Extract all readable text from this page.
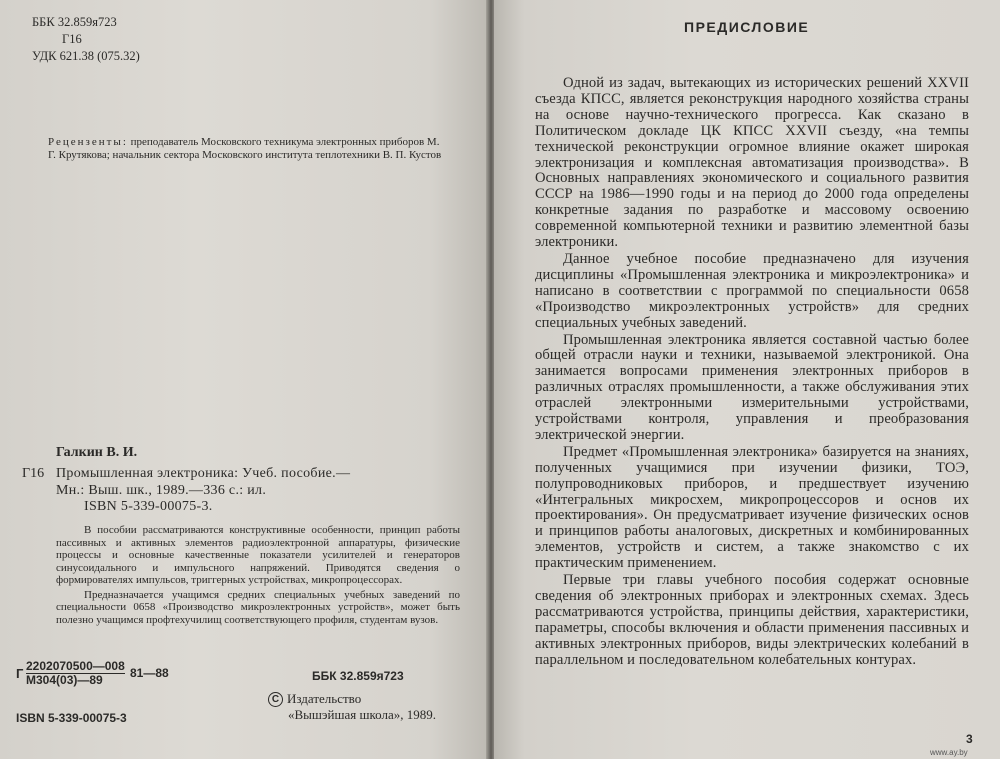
ББК 32.859я723
Г16
УДК 621.38 (075.32)
Рецензенты: преподаватель Московского техникума электронных приборов М. Г. Крутякова; начальник сектора Московского института теплотехники В. П. Кустов
Галкин В. И.
Г16 Промышленная электроника: Учеб. пособие.—
Мн.: Выш. шк., 1989.—336 с.: ил.
ISBN 5-339-00075-3.

В пособии рассматриваются конструктивные особенности, принцип работы пассивных и активных элементов радиоэлектронной аппаратуры, физические процессы и основные качественные показатели усилителей и генераторов синусоидального и импульсного напряжений. Приводятся сведения о формирователях импульсов, триггерных устройствах, микропроцессорах.

Предназначается учащимся средних специальных учебных заведений по специальности 0658 «Производство микроэлектронных устройств», может быть полезно учащимся профтехучилищ соответствующего профиля, студентам вузов.

Г 2202070500—008
М304(03)—89	81—88	ББК 32.859я723
ISBN 5-339-00075-3
C Издательство
«Вышэйшая школа», 1989.
ПРЕДИСЛОВИЕ

Одной из задач, вытекающих из исторических решений XXVII съезда КПСС, является реконструкция народного хозяйства страны на основе научно-технического прогресса. Как сказано в Политическом докладе ЦК КПСС XXVII съезду, «на темпы технической реконструкции огромное влияние окажет широкая электронизация и комплексная автоматизация производства». В Основных направлениях экономического и социального развития СССР на 1986—1990 годы и на период до 2000 года определены конкретные задания по разработке и массовому освоению современной компьютерной техники и развитию элементной базы электроники.

Данное учебное пособие предназначено для изучения дисциплины «Промышленная электроника и микроэлектроника» и написано в соответствии с программой по специальности 0658 «Производство микроэлектронных устройств» для средних специальных учебных заведений.

Промышленная электроника является составной частью более общей отрасли науки и техники, называемой электроникой. Она занимается вопросами применения электронных приборов в различных отраслях промышленности, а также обслуживания этих отраслей электронными измерительными устройствами, устройствами контроля, управления и преобразования электрической энергии.

Предмет «Промышленная электроника» базируется на знаниях, полученных учащимися при изучении физики, ТОЭ, полупроводниковых приборов, и предшествует изучению «Интегральных микросхем, микропроцессоров и основ их проектирования». Он предусматривает изучение физических основ и принципов работы аналоговых, дискретных и комбинированных элементов, устройств и систем, а также знакомство с их практическим применением.

Первые три главы учебного пособия содержат основные сведения об электронных приборах и электронных схемах. Здесь рассматриваются устройства, принципы действия, характеристики, параметры, способы включения и области применения пассивных и активных электронных приборов, виды электрических колебаний в параллельном и последовательном колебательных контурах.

3
www.ay.by
